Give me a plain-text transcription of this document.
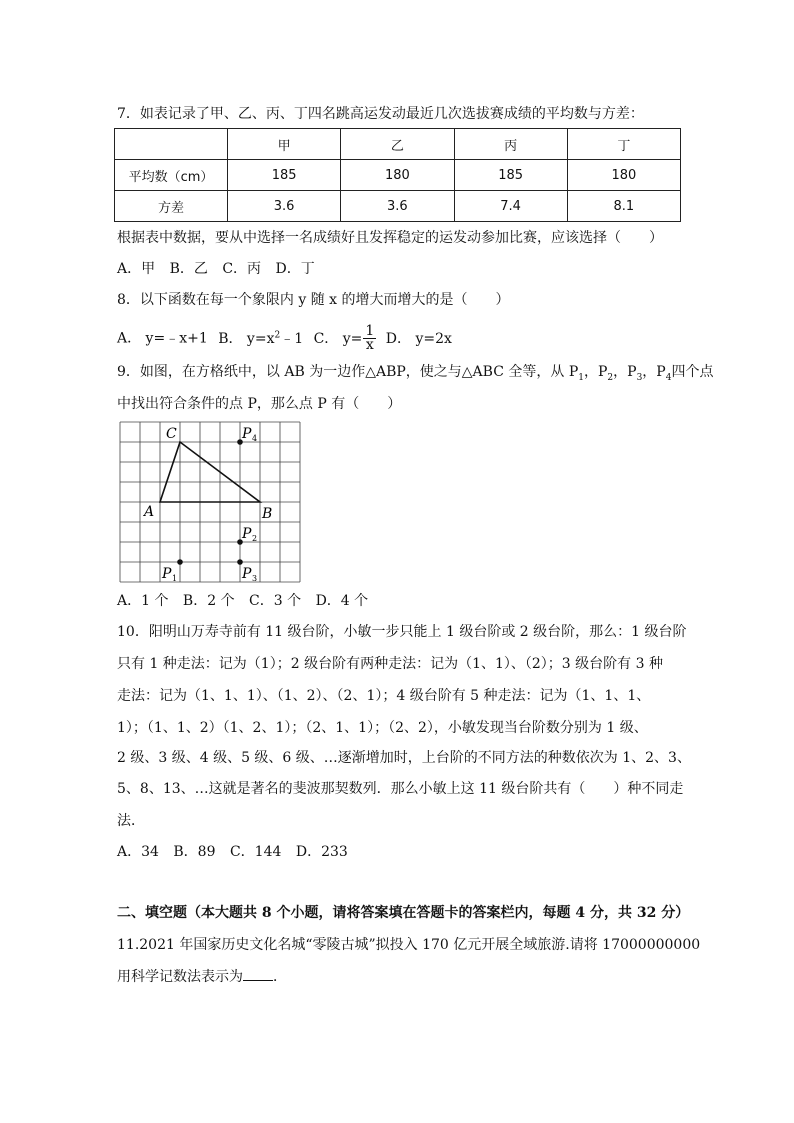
7．如表记录了甲、乙、丙、丁四名跳高运发动最近几次选拔赛成绩的平均数与方差：
	甲	乙	丙	丁
平均数（cm）	185	180	185	180
方差	3.6	3.6	7.4	8.1
根据表中数据，要从中选择一名成绩好且发挥稳定的运发动参加比赛，应该选择（　　）
A．甲 B．乙 C．丙 D．丁
8．以下函数在每一个象限内 y 随 x 的增大而增大的是（　　）
A． y=﹣x+1 B． $y=x^2﹣1$ C． $y= \frac{1}{x}$ D． y=2x
9．如图，在方格纸中，以 AB 为一边作△ABP，使之与△ABC 全等，从 $P_1$，$P_2$，$P_3$，$P_4$四个点
中找出符合条件的点 P，那么点 P 有（　　）
C
A	B
P 4
P 2
P 1	P 3
A．1 个 B．2 个 C．3 个 D．4 个
10．阳明山万寿寺前有 11 级台阶，小敏一步只能上 1 级台阶或 2 级台阶，那么：1 级台阶
只有 1 种走法：记为（1）；2 级台阶有两种走法：记为（1、1）、（2）；3 级台阶有 3 种
走法：记为（1、1、1）、（1、2）、（2、1）；4 级台阶有 5 种走法：记为（1、1、1、
1）；（1、1、2）（1、2、1）；（2、1、1）；（2、2），小敏发现当台阶数分别为 1 级、
2 级、3 级、4 级、5 级、6 级、…逐渐增加时，上台阶的不同方法的种数依次为 1、2、3、
5、8、13、…这就是著名的斐波那契数列．那么小敏上这 11 级台阶共有（　　）种不同走
法．
A．34 B．89 C．144 D．233
二、填空题（本大题共 8 个小题，请将答案填在答题卡的答案栏内，每题 4 分，共 32 分）
11.2021 年国家历史文化名城“零陵古城”拟投入 170 亿元开展全域旅游.请将 17000000000
用科学记数法表示为 ．
